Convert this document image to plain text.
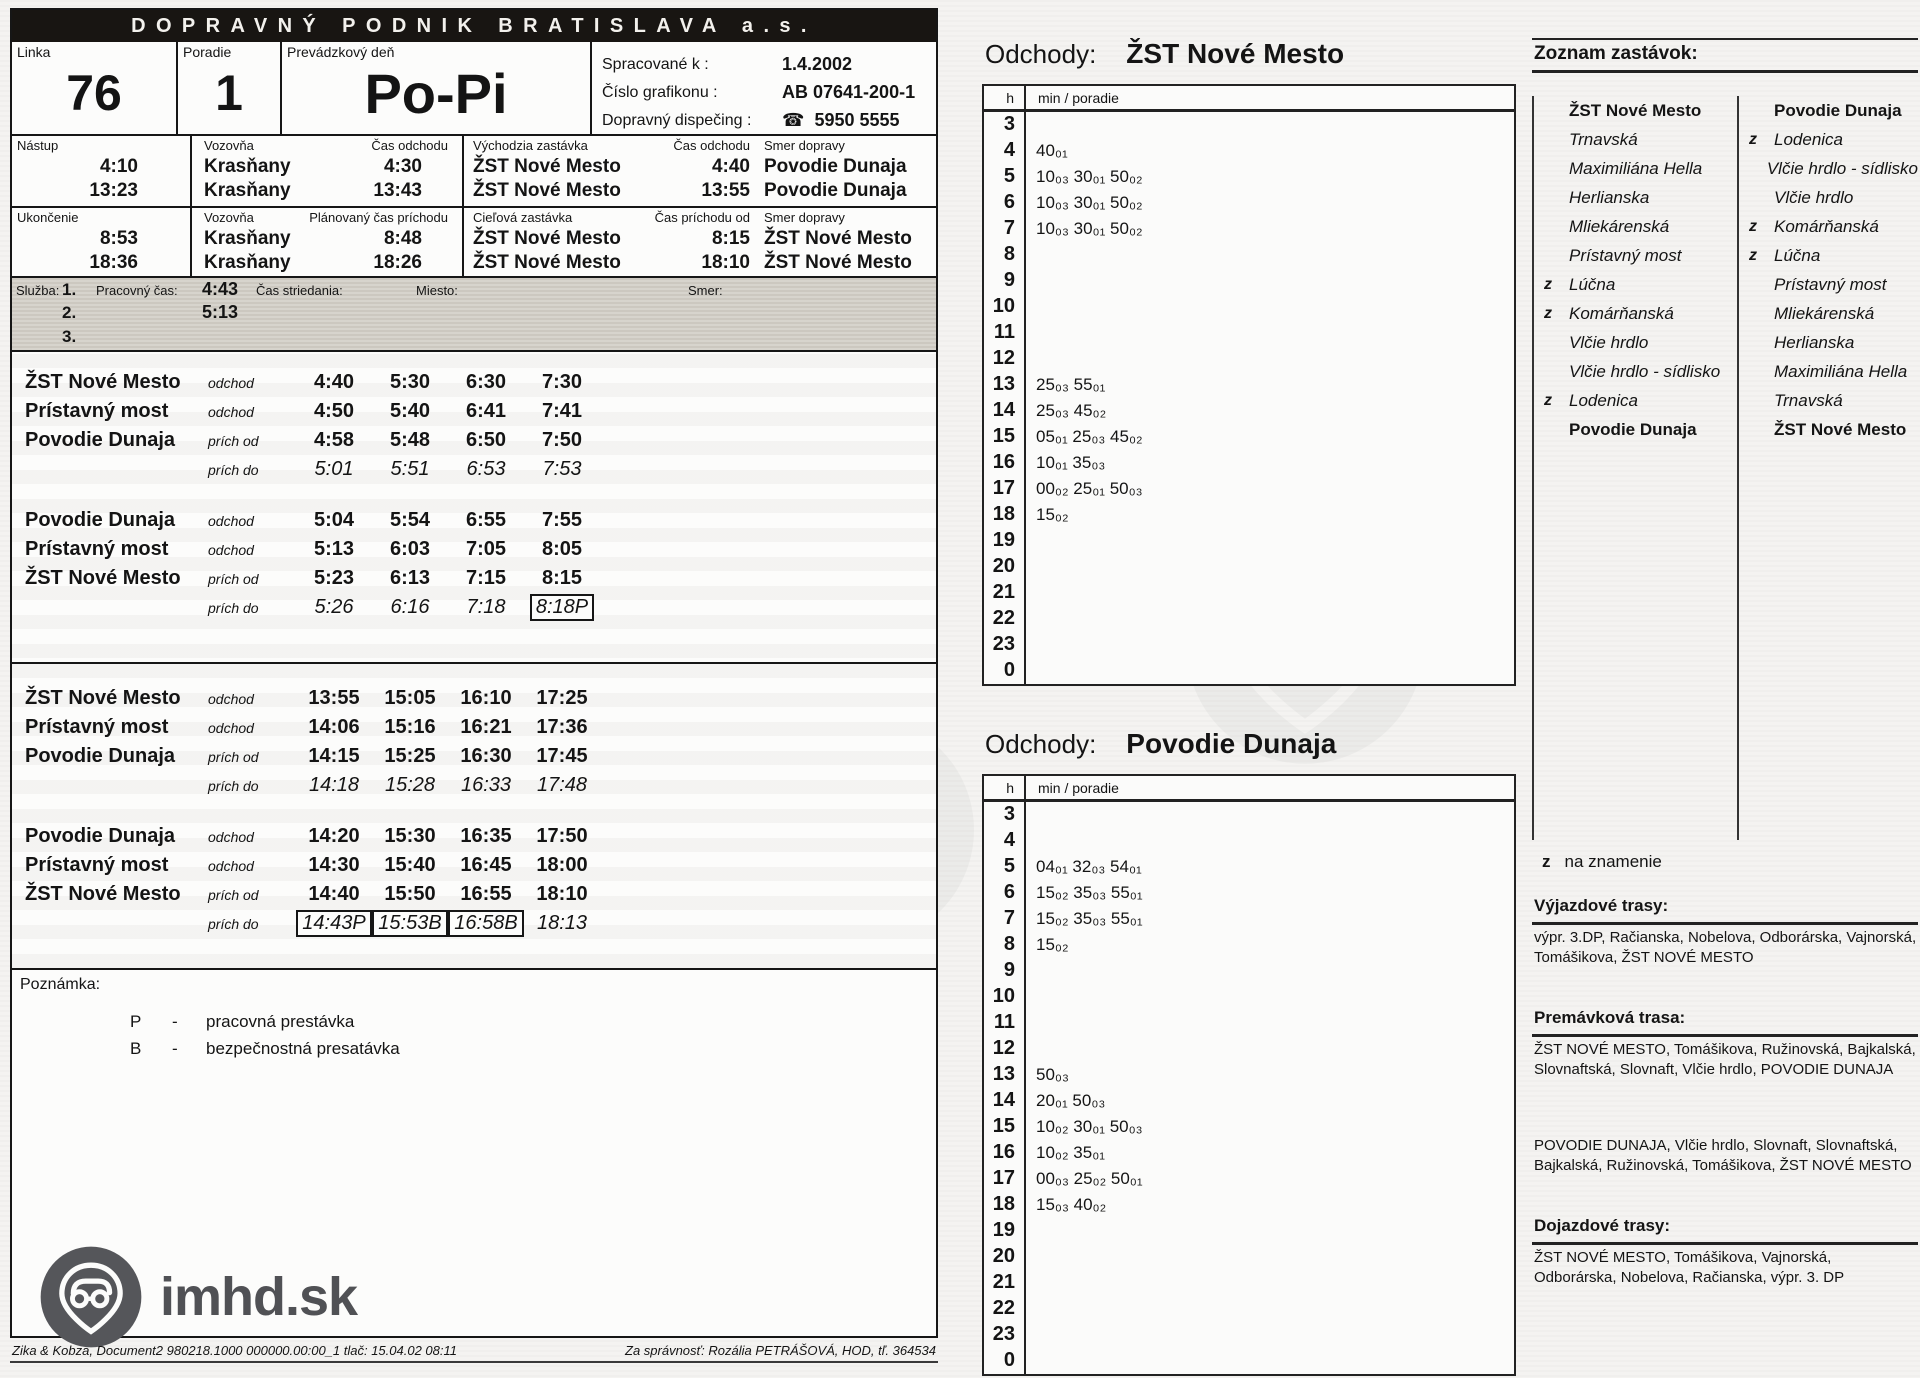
DOPRAVNÝ PODNIK BRATISLAVA a.s.
Linka
76
Poradie
1
Prevádzkový deň
Po-Pi	Spracované k :	1.4.2002
Číslo grafikonu :	AB 07641-200-1
Dopravný dispečing : ☎ 5950 5555
Nástup
4:10
13:23
Vozovňa	Čas odchodu
Krasňany	4:30
Krasňany	13:43
Východzia zastávka	Čas odchodu Smer dopravy
ŽST Nové Mesto	4:40 Povodie Dunaja
ŽST Nové Mesto	13:55 Povodie Dunaja
Ukončenie
8:53
18:36
Vozovňa	Plánovaný čas príchodu
Krasňany	8:48
Krasňany	18:26
Cieľová zastávka	Čas príchodu od Smer dopravy
ŽST Nové Mesto	8:15 ŽST Nové Mesto
ŽST Nové Mesto	18:10 ŽST Nové Mesto
Služba: 1. Pracovný čas: 4:43 Čas striedania:	Miesto:	Smer:
2.	5:13
3.
ŽST Nové Mesto	odchod	4:40	5:30	6:30	7:30
Prístavný most	odchod	4:50	5:40	6:41	7:41
Povodie Dunaja	prích od	4:58	5:48	6:50	7:50
prích do	5:01	5:51	6:53	7:53
Povodie Dunaja	odchod	5:04	5:54	6:55	7:55
Prístavný most	odchod	5:13	6:03	7:05	8:05
ŽST Nové Mesto	prích od	5:23	6:13	7:15	8:15
prích do	5:26	6:16	7:18	8:18P
ŽST Nové Mesto	odchod	13:55	15:05	16:10	17:25
Prístavný most	odchod	14:06	15:16	16:21	17:36
Povodie Dunaja	prích od	14:15	15:25	16:30	17:45
prích do	14:18	15:28	16:33	17:48
Povodie Dunaja	odchod	14:20	15:30	16:35	17:50
Prístavný most	odchod	14:30	15:40	16:45	18:00
ŽST Nové Mesto	prích od	14:40	15:50	16:55	18:10
prích do	14:43P 15:53B 16:58B 18:13
Poznámka:
P	-	pracovná prestávka
B	-	bezpečnostná presatávka
imhd.sk
Zika & Kobza, Document2 980218.1000 000000.00:00_1 tlač: 15.04.02 08:11	Za správnosť: Rozália PETRÁŠOVÁ, HOD, tľ. 364534
Odchody: ŽST Nové Mesto
h	min / poradie
3
4	40₀₁
5	10₀₃ 30₀₁ 50₀₂
6	10₀₃ 30₀₁ 50₀₂
7	10₀₃ 30₀₁ 50₀₂
8
9
10
11
12
13	25₀₃ 55₀₁
14	25₀₃ 45₀₂
15	05₀₁ 25₀₃ 45₀₂
16	10₀₁ 35₀₃
17	00₀₂ 25₀₁ 50₀₃
18	15₀₂
19
20
21
22
23
0
Odchody: Povodie Dunaja
h	min / poradie
3
4
5	04₀₁ 32₀₃ 54₀₁
6	15₀₂ 35₀₃ 55₀₁
7	15₀₂ 35₀₃ 55₀₁
8	15₀₂
9
10
11
12
13	50₀₃
14	20₀₁ 50₀₃
15	10₀₂ 30₀₁ 50₀₃
16	10₀₂ 35₀₁
17	00₀₃ 25₀₂ 50₀₁
18	15₀₃ 40₀₂
19
20
21
22
23
0
Zoznam zastávok:
ŽST Nové Mesto
Trnavská
Maximiliána Hella
Herlianska
Mliekárenská
Prístavný most
z	Lúčna
z	Komárňanská
Vlčie hrdlo
Vlčie hrdlo - sídlisko
z	Lodenica
Povodie Dunaja
Povodie Dunaja
z	Lodenica
Vlčie hrdlo - sídlisko
Vlčie hrdlo
z	Komárňanská
z	Lúčna
Prístavný most
Mliekárenská
Herlianska
Maximiliána Hella
Trnavská
ŽST Nové Mesto
z na znamenie
Výjazdové trasy:
výpr. 3.DP, Račianska, Nobelova, Odborárska, Vajnorská, Tomášikova, ŽST NOVÉ MESTO
Premávková trasa:
ŽST NOVÉ MESTO, Tomášikova, Ružinovská, Bajkalská, Slovnaftská, Slovnaft, Vlčie hrdlo, POVODIE DUNAJA
POVODIE DUNAJA, Vlčie hrdlo, Slovnaft, Slovnaftská, Bajkalská, Ružinovská, Tomášikova, ŽST NOVÉ MESTO
Dojazdové trasy:
ŽST NOVÉ MESTO, Tomášikova, Vajnorská, Odborárska, Nobelova, Račianska, výpr. 3. DP
